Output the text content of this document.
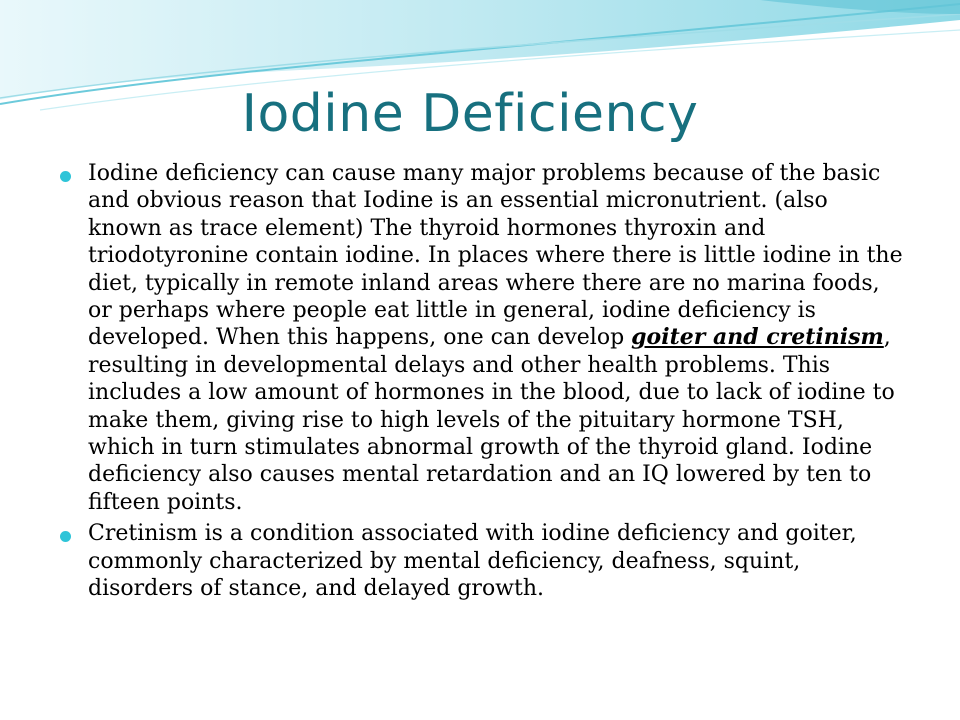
Iodine Deficiency
Iodine deficiency can cause many major problems because of the basic and obvious reason that Iodine is an essential micronutrient. (also known as trace element) The thyroid hormones thyroxin and triodotyronine contain iodine. In places where there is little iodine in the diet, typically in remote inland areas where there are no marina foods, or perhaps where people eat little in general, iodine deficiency is developed. When this happens, one can develop goiter and cretinism, resulting in developmental delays and other health problems. This includes a low amount of hormones in the blood, due to lack of iodine to make them, giving rise to high levels of the pituitary hormone TSH, which in turn stimulates abnormal growth of the thyroid gland. Iodine deficiency also causes mental retardation and an IQ lowered by ten to fifteen points.
Cretinism is a condition associated with iodine deficiency and goiter, commonly characterized by mental deficiency, deafness, squint, disorders of stance, and delayed growth.
